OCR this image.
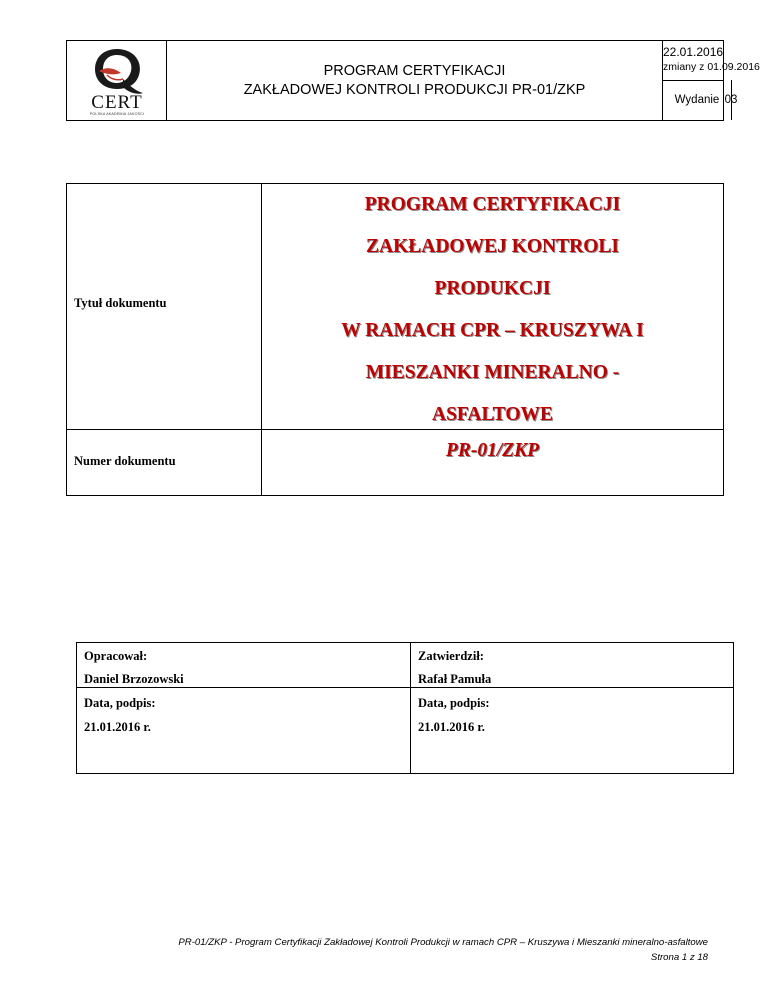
CERT
POLSKA AKADEMIA JAKOŚCI
PROGRAM CERTYFIKACJI
ZAKŁADOWEJ KONTROLI PRODUKCJI PR-01/ZKP
22.01.2016
zmiany z 01.09.2016
Wydanie 03
Tytuł dokumentu
PROGRAM CERTYFIKACJI
ZAKŁADOWEJ KONTROLI
PRODUKCJI
W RAMACH CPR – KRUSZYWA I
MIESZANKI MINERALNO -
ASFALTOWE
Numer dokumentu	PR-01/ZKP
Opracował:
Daniel Brzozowski
Data, podpis:
21.01.2016 r.
Zatwierdził:
Rafał Pamuła
Data, podpis:
21.01.2016 r.
PR-01/ZKP - Program Certyfikacji Zakładowej Kontroli Produkcji w ramach CPR – Kruszywa i Mieszanki mineralno-asfaltowe
Strona 1 z 18
